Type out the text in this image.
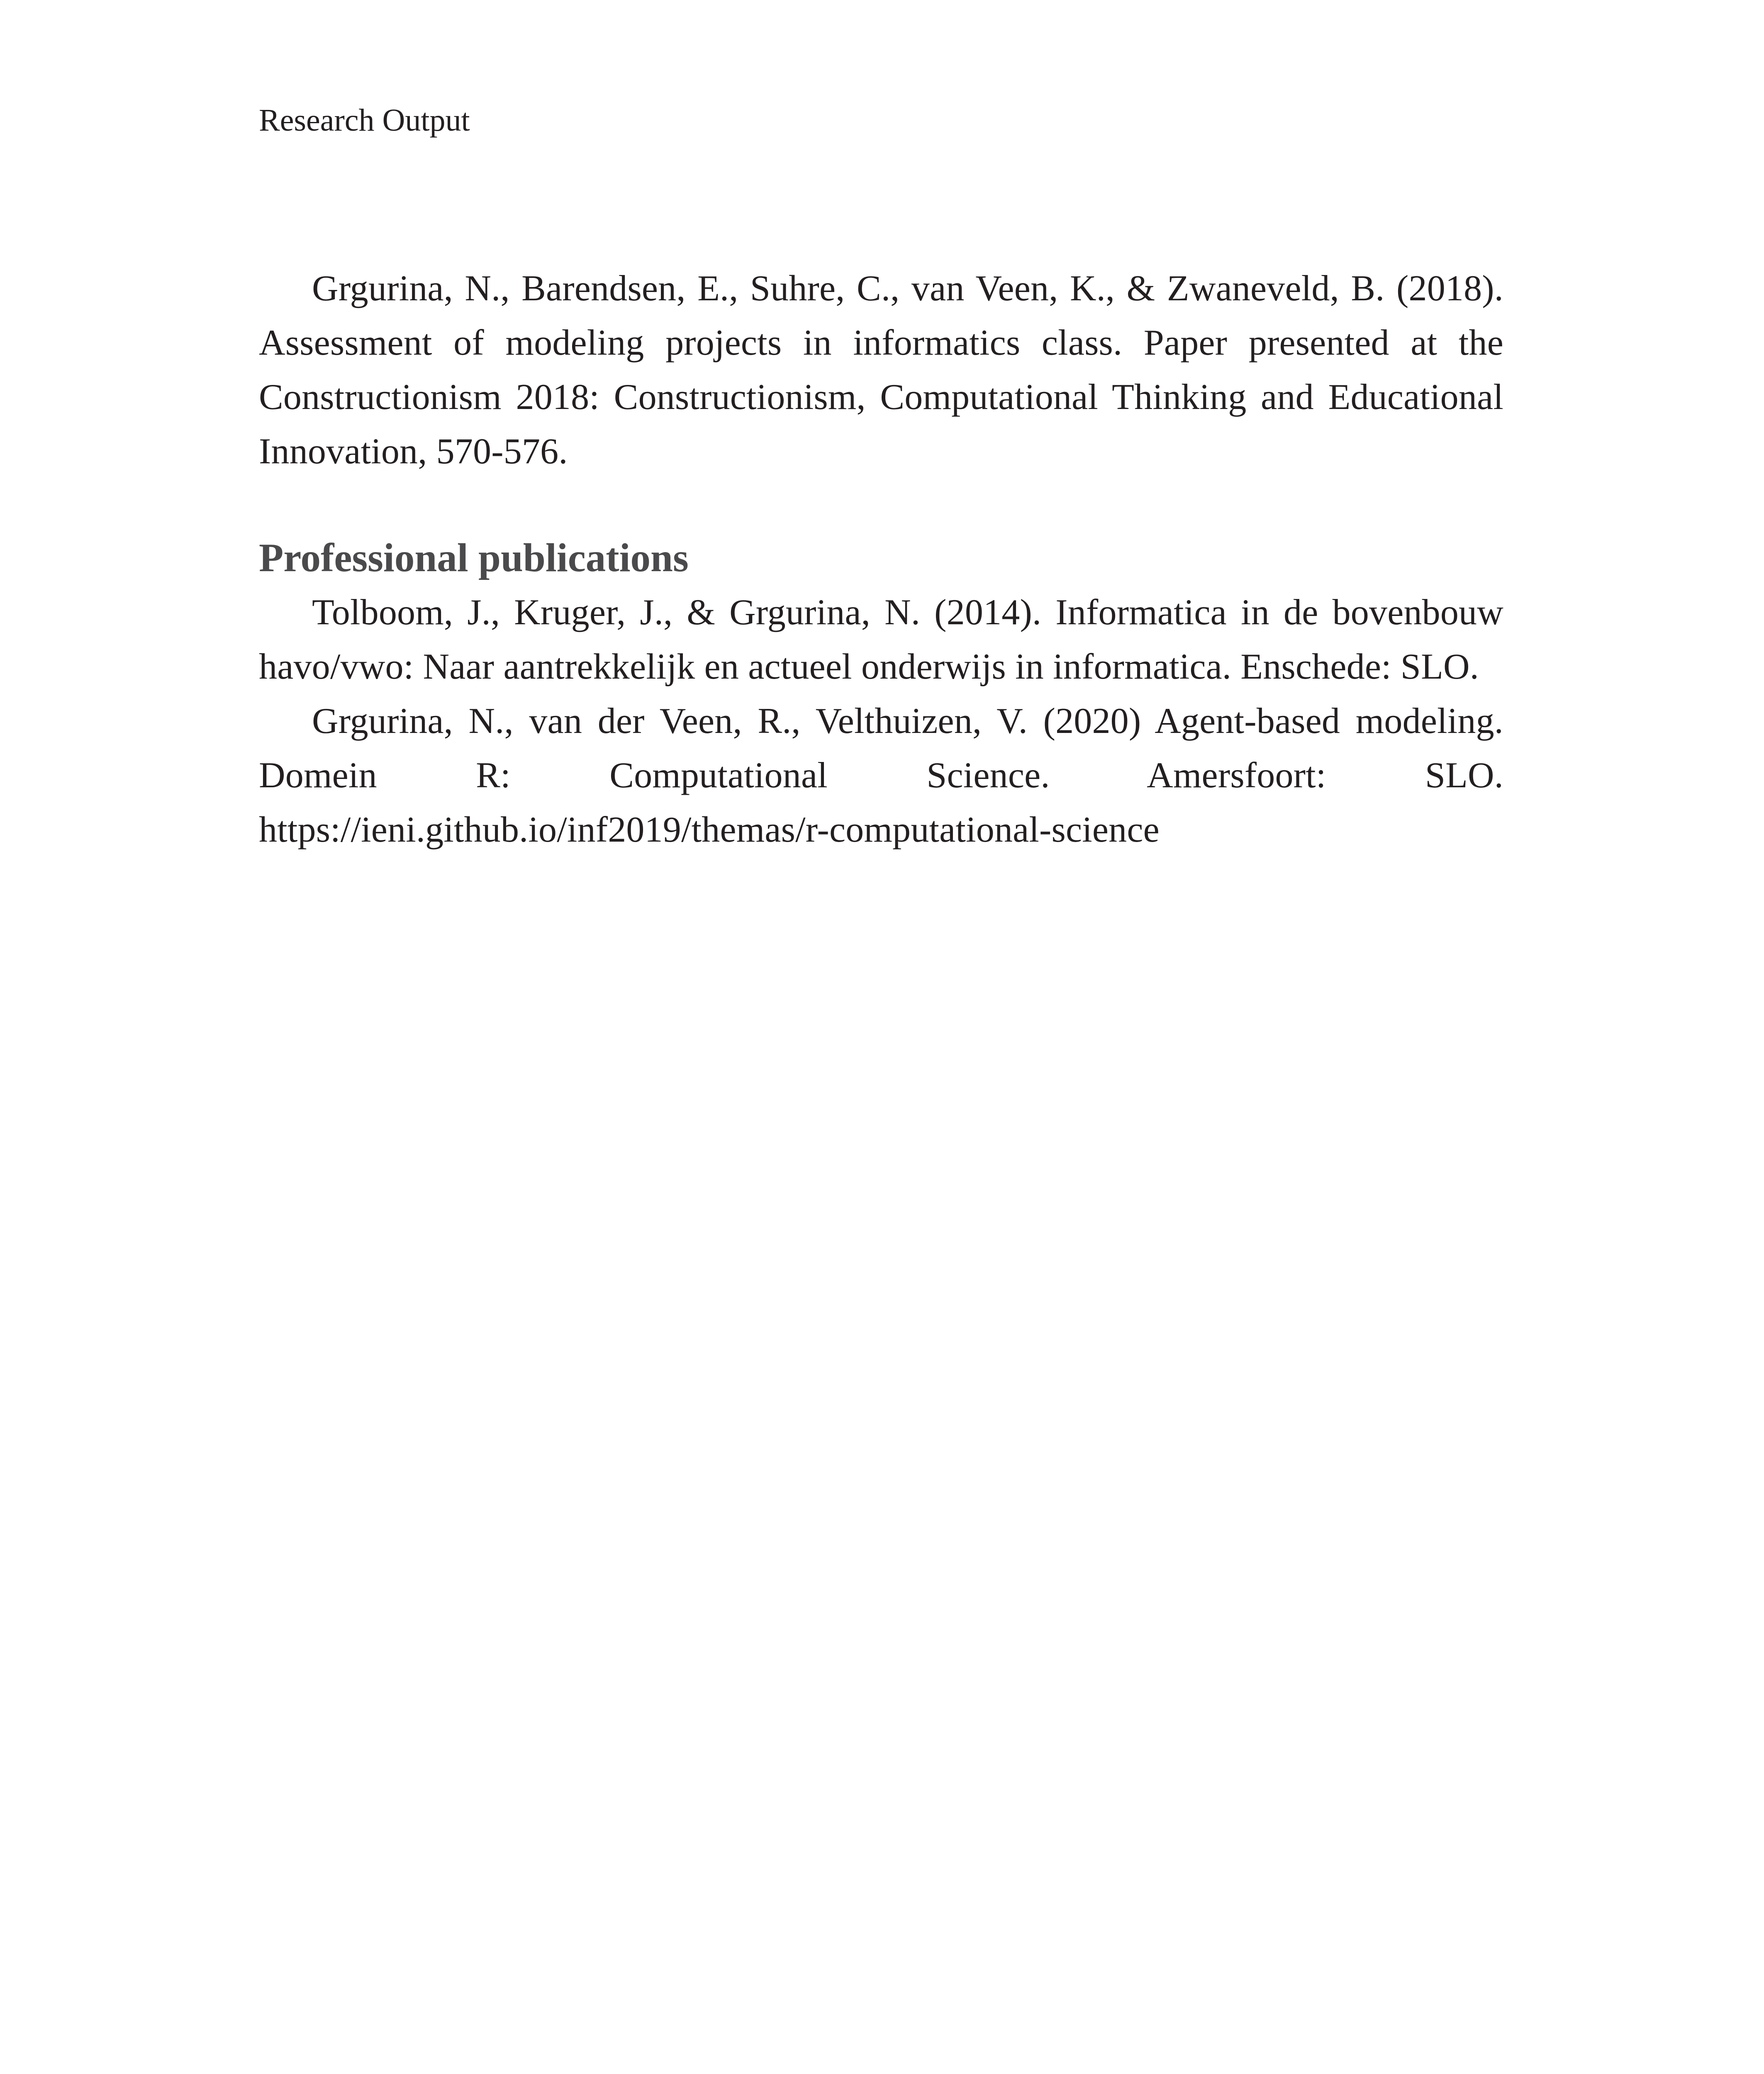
Research Output

Grgurina, N., Barendsen, E., Suhre, C., van Veen, K., & Zwaneveld, B. (2018). Assessment of modeling projects in informatics class. Paper presented at the Constructionism 2018: Constructionism, Computational Thinking and Educational Innovation, 570-576.

Professional publications

Tolboom, J., Kruger, J., & Grgurina, N. (2014). Informatica in de bovenbouw havo/vwo: Naar aantrekkelijk en actueel onderwijs in informatica. Enschede: SLO.

Grgurina, N., van der Veen, R., Velthuizen, V. (2020) Agent-based modeling. Domein R: Computational Science. Amersfoort: SLO. https://ieni.github.io/inf2019/themas/r-computational-science
